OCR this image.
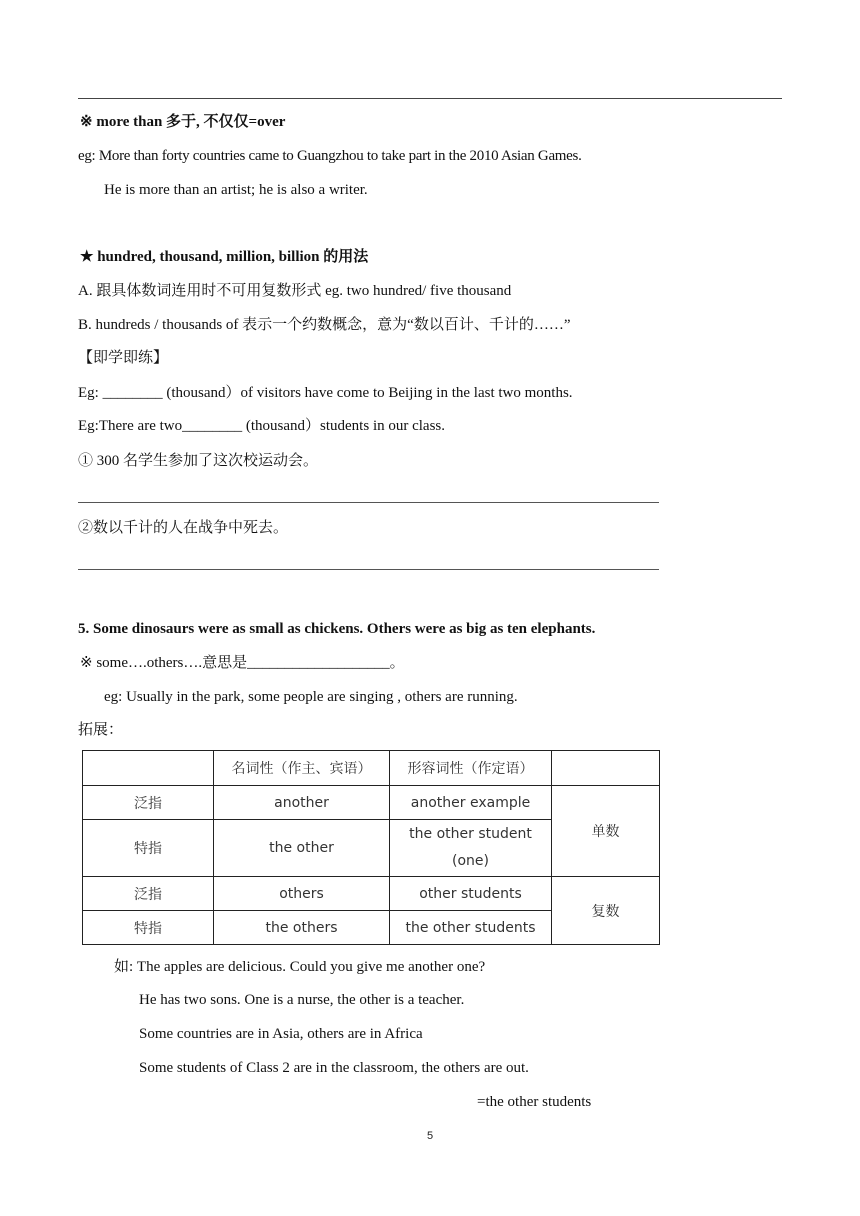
※ more than 多于, 不仅仅=over
eg: More than forty countries came to Guangzhou to take part in the 2010 Asian Games.
He is more than an artist; he is also a writer.
★ hundred, thousand, million, billion 的用法
A. 跟具体数词连用时不可用复数形式 eg. two hundred/ five thousand
B. hundreds / thousands of 表示一个约数概念，意为“数以百计、千计的……”
【即学即练】
Eg: ________ (thousand）of visitors have come to Beijing in the last two months.
Eg:There are two________ (thousand）students in our class.
① 300 名学生参加了这次校运动会。
②数以千计的人在战争中死去。
5. Some dinosaurs were as small as chickens. Others were as big as ten elephants.
※ some….others….意思是___________________。
eg: Usually in the park, some people are singing , others are running.
拓展：
	名词性（作主、宾语）	形容词性（作定语）	
泛指	another	another example	单数
特指	the other	the other student
(one)	
泛指	others	other students	复数
特指	the others	the other students	
如: The apples are delicious. Could you give me another one?
He has two sons. One is a nurse, the other is a teacher.
Some countries are in Asia, others are in Africa
Some students of Class 2 are in the classroom, the others are out.
=the other students
5
